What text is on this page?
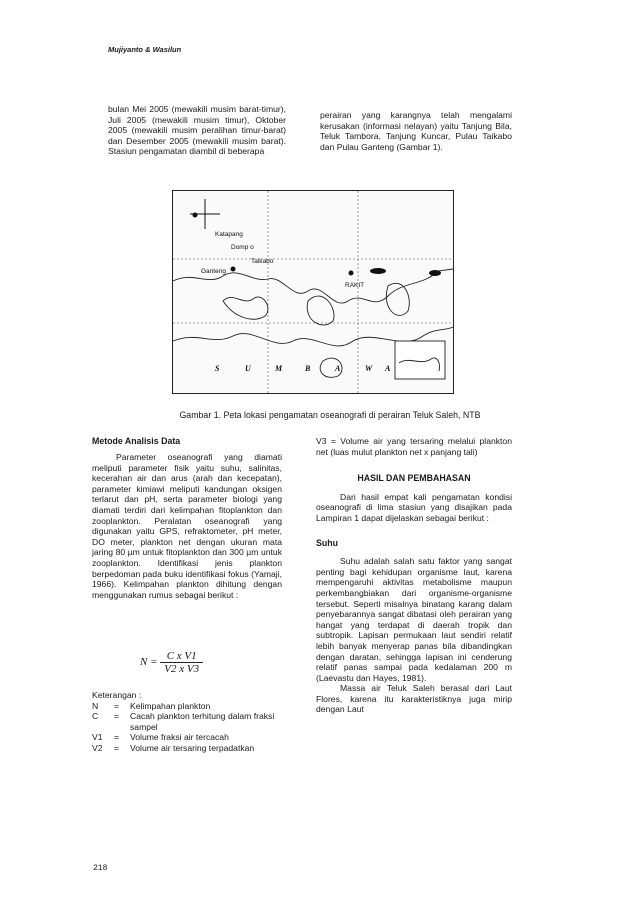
Mujiyanto & Wasilun

bulan Mei 2005 (mewakili musim barat-timur), Juli 2005 (mewakili musim timur), Oktober 2005 (mewakili musim peralihan timur-barat) dan Desember 2005 (mewakili musim barat). Stasiun pengamatan diambil di beberapa

perairan yang karangnya telah mengalami kerusakan (informasi nelayan) yaitu Tanjung Bila, Teluk Tambora, Tanjung Kuncar, Pulau Taikabo dan Pulau Ganteng (Gambar 1).

Katapang
Domp o
Taikabo
Ganteng
RAKIT
S	U	M	B	A	W A
Gambar 1. Peta lokasi pengamatan oseanografi di perairan Teluk Saleh, NTB
Metode Analisis Data

Parameter oseanografi yang diamati meliputi parameter fisik yaitu suhu, salinitas, kecerahan air dan arus (arah dan kecepatan), parameter kimiawi meliputi kandungan oksigen terlarut dan pH, serta parameter biologi yang diamati terdiri dari kelimpahan fitoplankton dan zooplankton. Peralatan oseanografi yang digunakan yaitu GPS, refraktometer, pH meter, DO meter, plankton net dengan ukuran mata jaring 80 µm untuk fitoplankton dan 300 µm untuk zooplankton. Identifikasi jenis plankton berpedoman pada buku identifikasi fokus (Yamaji, 1966). Kelimpahan plankton dihitung dengan menggunakan rumus sebagai berikut :

$N = \frac{\text{C x V1}}{\text{V2 x V3}}$
Keterangan :
N	=	Kelimpahan plankton
C	=	Cacah plankton terhitung dalam fraksi sampel
V1	=	Volume fraksi air tercacah
V2	=	Volume air tersaring terpadatkan

V3 = Volume air yang tersaring melalui plankton net (luas mulut plankton net x panjang tali)

HASIL DAN PEMBAHASAN

Dari hasil empat kali pengamatan kondisi oseanografi di lima stasiun yang disajikan pada Lampiran 1 dapat dijelaskan sebagai berikut :

Suhu

Suhu adalah salah satu faktor yang sangat penting bagi kehidupan organisme laut, karena mempengaruhi aktivitas metabolisme maupun perkembangbiakan dari organisme-organisme tersebut. Seperti misalnya binatang karang dalam penyebarannya sangat dibatasi oleh perairan yang hangat yang terdapat di daerah tropik dan subtropik. Lapisan permukaan laut sendiri relatif lebih banyak menyerap panas bila dibandingkan dengan daratan, sehingga lapisan ini cenderung relatif panas sampai pada kedalaman 200 m (Laevastu dan Hayes, 1981).

Massa air Teluk Saleh berasal dari Laut Flores, karena itu karakteristiknya juga mirip dengan Laut

218
